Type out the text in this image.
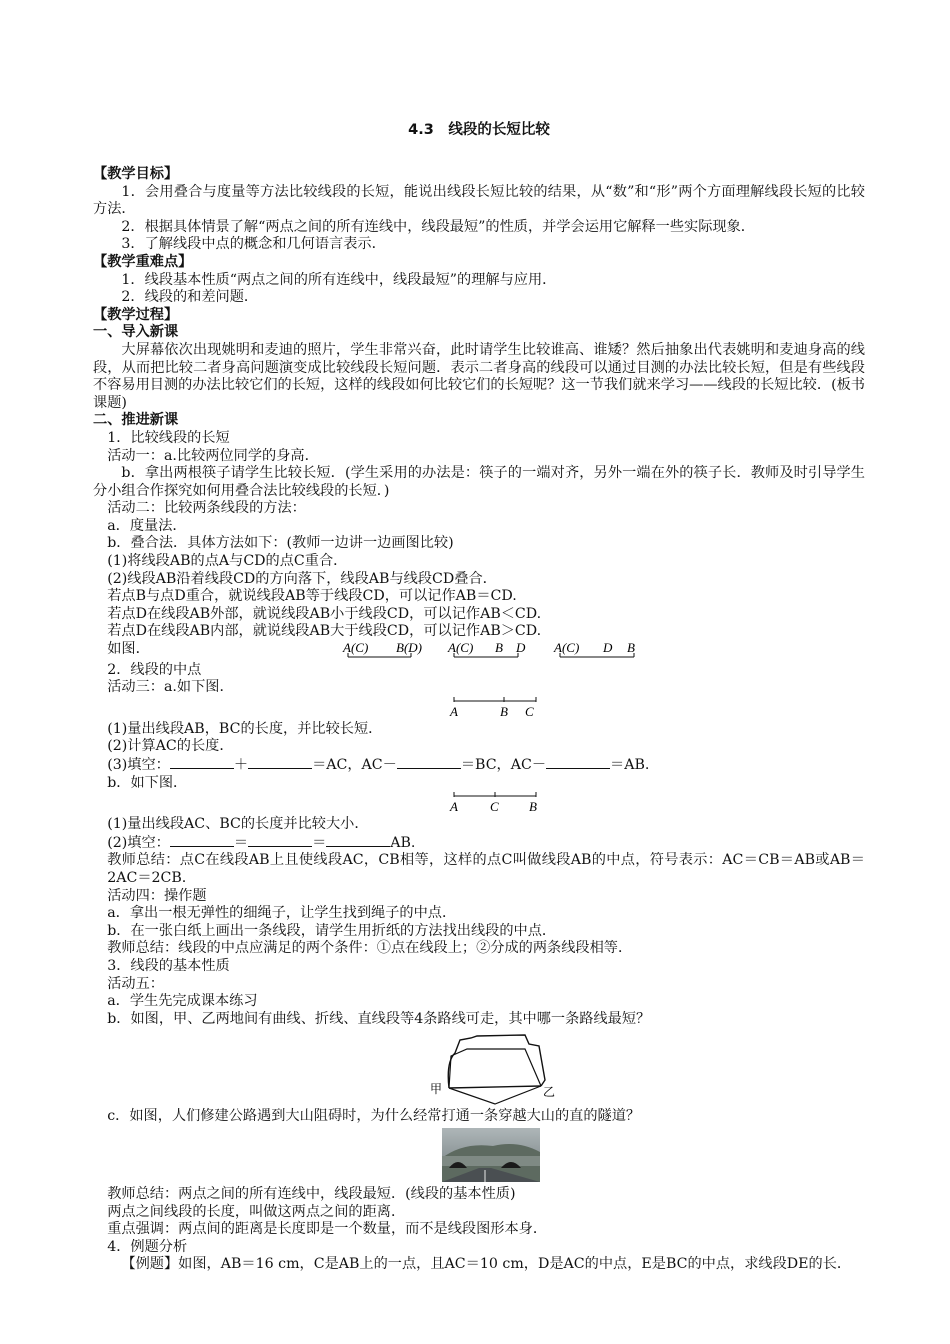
4.3　线段的长短比较

【教学目标】

1．会用叠合与度量等方法比较线段的长短，能说出线段长短比较的结果，从“数”和“形”两个方面理解线段长短的比较方法．

2．根据具体情景了解“两点之间的所有连线中，线段最短”的性质，并学会运用它解释一些实际现象．

3．了解线段中点的概念和几何语言表示．

【教学重难点】

1．线段基本性质“两点之间的所有连线中，线段最短”的理解与应用．

2．线段的和差问题．

【教学过程】

一、导入新课

大屏幕依次出现姚明和麦迪的照片，学生非常兴奋，此时请学生比较谁高、谁矮？然后抽象出代表姚明和麦迪身高的线段，从而把比较二者身高问题演变成比较线段长短问题．表示二者身高的线段可以通过目测的办法比较长短，但是有些线段不容易用目测的办法比较它们的长短，这样的线段如何比较它们的长短呢？这一节我们就来学习——线段的长短比较．(板书课题)

二、推进新课

1．比较线段的长短

活动一：a.比较两位同学的身高．

b．拿出两根筷子请学生比较长短．(学生采用的办法是：筷子的一端对齐，另外一端在外的筷子长．教师及时引导学生分小组合作探究如何用叠合法比较线段的长短．)

活动二：比较两条线段的方法：

a．度量法．

b．叠合法．具体方法如下：(教师一边讲一边画图比较)

(1)将线段AB的点A与CD的点C重合．

(2)线段AB沿着线段CD的方向落下，线段AB与线段CD叠合．

若点B与点D重合，就说线段AB等于线段CD，可以记作AB＝CD.

若点D在线段AB外部，就说线段AB小于线段CD，可以记作AB＜CD.

若点D在线段AB内部，就说线段AB大于线段CD，可以记作AB＞CD.

如图．	A(C) B(D) A(C) B D A(C) D B

2．线段的中点

活动三：a.如下图．

A	B C

(1)量出线段AB，BC的长度，并比较长短．

(2)计算AC的长度．

(3)填空：	＋	＝AC，AC－	＝BC，AC－	＝AB.

b．如下图．

A C B

(1)量出线段AC、BC的长度并比较大小．

(2)填空：	＝	＝	AB.

教师总结：点C在线段AB上且使线段AC，CB相等，这样的点C叫做线段AB的中点，符号表示：AC＝CB＝AB或AB＝2AC＝2CB.

活动四：操作题

a．拿出一根无弹性的细绳子，让学生找到绳子的中点．

b．在一张白纸上画出一条线段，请学生用折纸的方法找出线段的中点．

教师总结：线段的中点应满足的两个条件：①点在线段上；②分成的两条线段相等．

3．线段的基本性质

活动五：

a．学生先完成课本练习

b．如图，甲、乙两地间有曲线、折线、直线段等4条路线可走，其中哪一条路线最短？

甲	乙

c．如图，人们修建公路遇到大山阻碍时，为什么经常打通一条穿越大山的直的隧道？

教师总结：两点之间的所有连线中，线段最短．(线段的基本性质)

两点之间线段的长度，叫做这两点之间的距离．

重点强调：两点间的距离是长度即是一个数量，而不是线段图形本身．

4．例题分析

【例题】如图，AB＝16 cm，C是AB上的一点，且AC＝10 cm，D是AC的中点，E是BC的中点，求线段DE的长．
